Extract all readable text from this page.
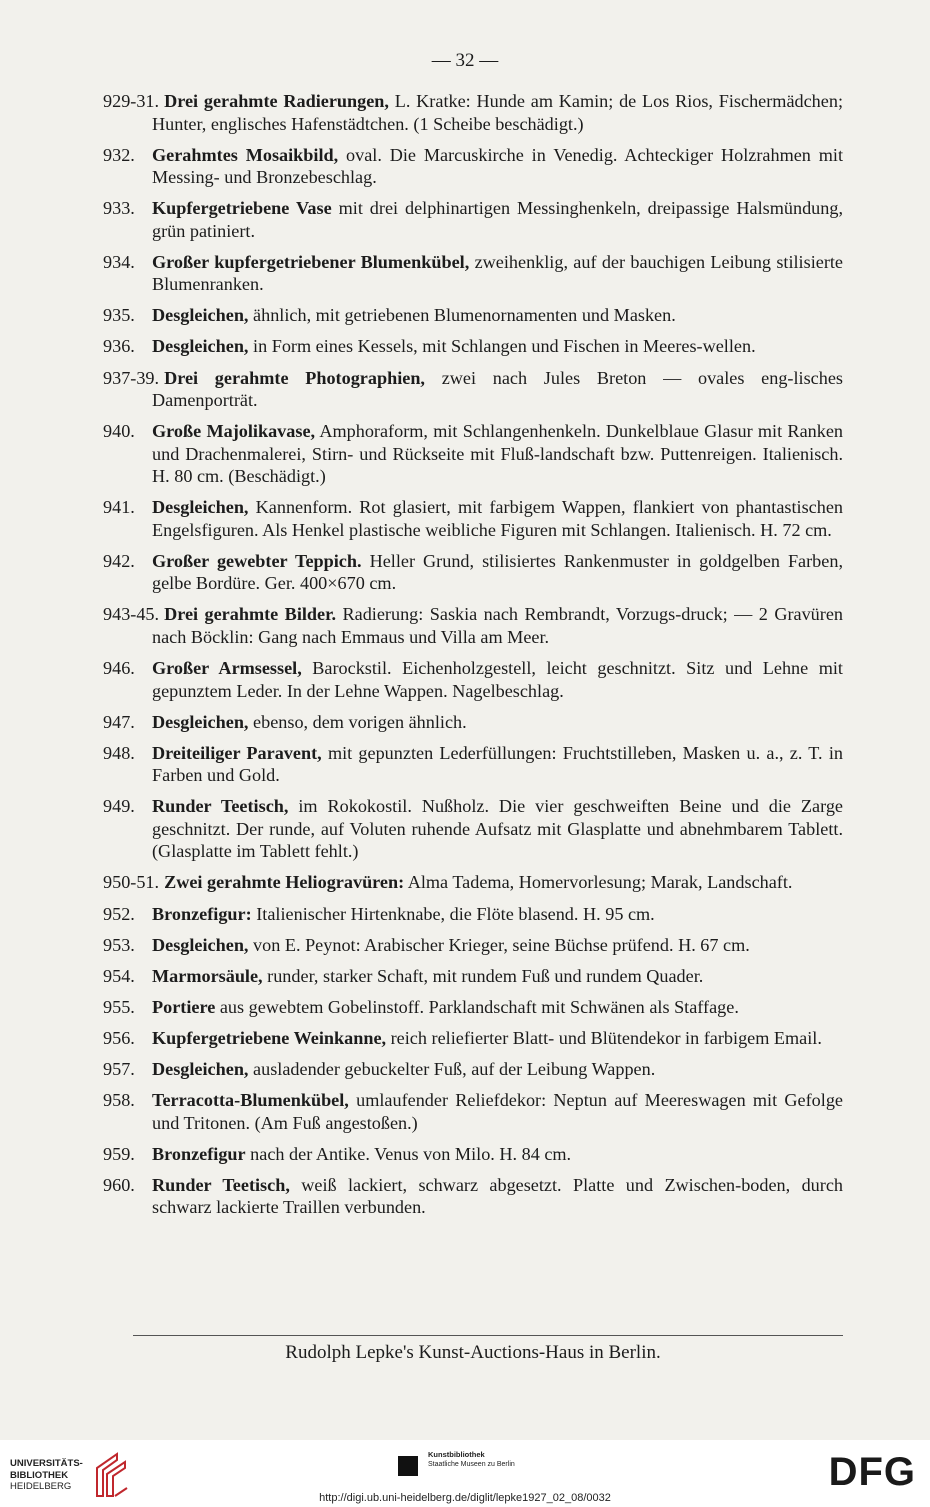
— 32 —
929-31. Drei gerahmte Radierungen, L. Kratke: Hunde am Kamin; de Los Rios, Fischermädchen; Hunter, englisches Hafenstädtchen. (1 Scheibe beschädigt.)
932. Gerahmtes Mosaikbild, oval. Die Marcuskirche in Venedig. Achteckiger Holzrahmen mit Messing- und Bronzebeschlag.
933. Kupfergetriebene Vase mit drei delphinartigen Messinghenkeln, dreipassige Halsmündung, grün patiniert.
934. Großer kupfergetriebener Blumenkübel, zweihenklig, auf der bauchigen Leibung stilisierte Blumenranken.
935. Desgleichen, ähnlich, mit getriebenen Blumenornamenten und Masken.
936. Desgleichen, in Form eines Kessels, mit Schlangen und Fischen in Meeres-wellen.
937-39. Drei gerahmte Photographien, zwei nach Jules Breton — ovales eng-lisches Damenporträt.
940. Große Majolikavase, Amphoraform, mit Schlangenhenkeln. Dunkelblaue Glasur mit Ranken und Drachenmalerei, Stirn- und Rückseite mit Fluß-landschaft bzw. Puttenreigen. Italienisch. H. 80 cm. (Beschädigt.)
941. Desgleichen, Kannenform. Rot glasiert, mit farbigem Wappen, flankiert von phantastischen Engelsfiguren. Als Henkel plastische weibliche Figuren mit Schlangen. Italienisch. H. 72 cm.
942. Großer gewebter Teppich. Heller Grund, stilisiertes Rankenmuster in goldgelben Farben, gelbe Bordüre. Ger. 400×670 cm.
943-45. Drei gerahmte Bilder. Radierung: Saskia nach Rembrandt, Vorzugs-druck; — 2 Gravüren nach Böcklin: Gang nach Emmaus und Villa am Meer.
946. Großer Armsessel, Barockstil. Eichenholzgestell, leicht geschnitzt. Sitz und Lehne mit gepunztem Leder. In der Lehne Wappen. Nagelbeschlag.
947. Desgleichen, ebenso, dem vorigen ähnlich.
948. Dreiteiliger Paravent, mit gepunzten Lederfüllungen: Fruchtstilleben, Masken u. a., z. T. in Farben und Gold.
949. Runder Teetisch, im Rokokostil. Nußholz. Die vier geschweiften Beine und die Zarge geschnitzt. Der runde, auf Voluten ruhende Aufsatz mit Glasplatte und abnehmbarem Tablett. (Glasplatte im Tablett fehlt.)
950-51. Zwei gerahmte Heliogravüren: Alma Tadema, Homervorlesung; Marak, Landschaft.
952. Bronzefigur: Italienischer Hirtenknabe, die Flöte blasend. H. 95 cm.
953. Desgleichen, von E. Peynot: Arabischer Krieger, seine Büchse prüfend. H. 67 cm.
954. Marmorsäule, runder, starker Schaft, mit rundem Fuß und rundem Quader.
955. Portiere aus gewebtem Gobelinstoff. Parklandschaft mit Schwänen als Staffage.
956. Kupfergetriebene Weinkanne, reich reliefierter Blatt- und Blütendekor in farbigem Email.
957. Desgleichen, ausladender gebuckelter Fuß, auf der Leibung Wappen.
958. Terracotta-Blumenkübel, umlaufender Reliefdekor: Neptun auf Meereswagen mit Gefolge und Tritonen. (Am Fuß angestoßen.)
959. Bronzefigur nach der Antike. Venus von Milo. H. 84 cm.
960. Runder Teetisch, weiß lackiert, schwarz abgesetzt. Platte und Zwischen-boden, durch schwarz lackierte Traillen verbunden.
Rudolph Lepke's Kunst-Auctions-Haus in Berlin.
UNIVERSITÄTS-
BIBLIOTHEK
HEIDELBERG
Kunstbibliothek
Staatliche Museen zu Berlin	DFG
http://digi.ub.uni-heidelberg.de/diglit/lepke1927_02_08/0032
